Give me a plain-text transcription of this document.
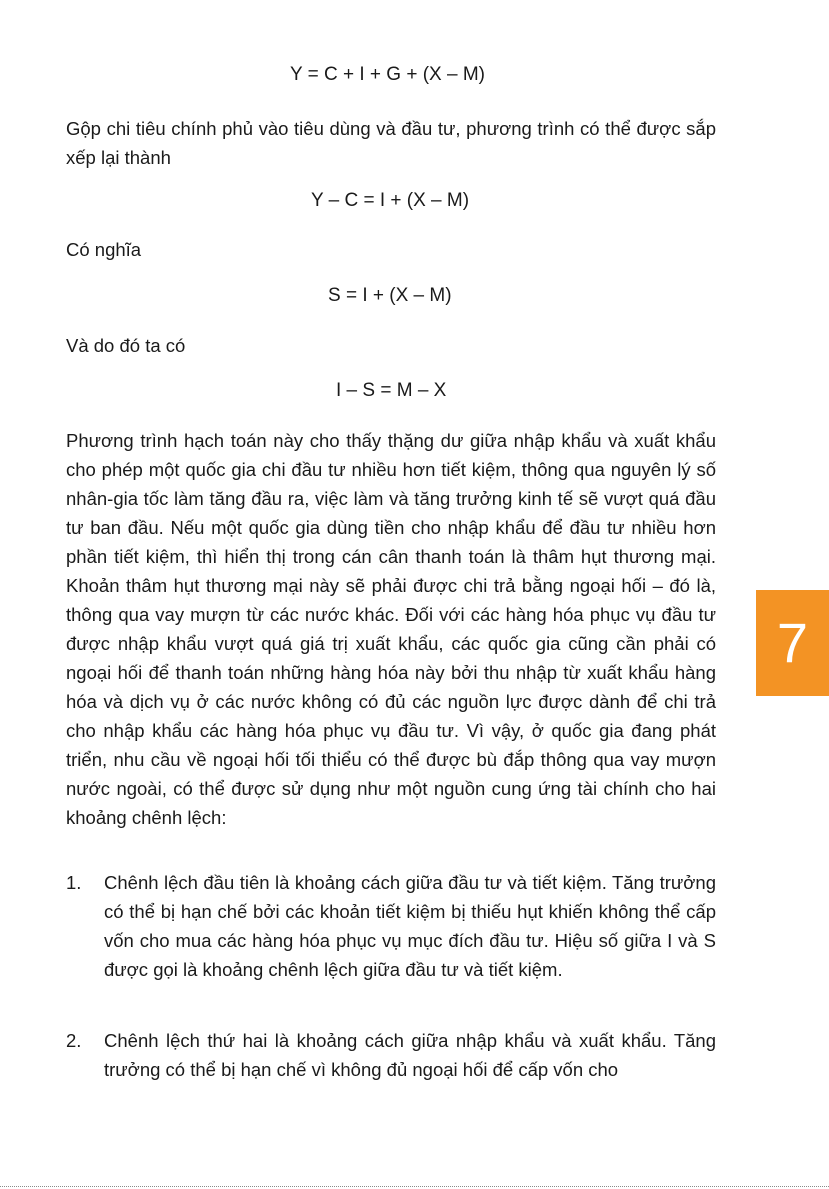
Y = C + I + G + (X – M)

Gộp chi tiêu chính phủ vào tiêu dùng và đầu tư, phương trình có thể được sắp xếp lại thành

Y – C = I + (X – M)

Có nghĩa

S = I + (X – M)

Và do đó ta có

I – S = M – X

Phương trình hạch toán này cho thấy thặng dư giữa nhập khẩu và xuất khẩu cho phép một quốc gia chi đầu tư nhiều hơn tiết kiệm, thông qua nguyên lý số nhân-gia tốc làm tăng đầu ra, việc làm và tăng trưởng kinh tế sẽ vượt quá đầu tư ban đầu. Nếu một quốc gia dùng tiền cho nhập khẩu để đầu tư nhiều hơn phần tiết kiệm, thì hiển thị trong cán cân thanh toán là thâm hụt thương mại. Khoản thâm hụt thương mại này sẽ phải được chi trả bằng ngoại hối – đó là, thông qua vay mượn từ các nước khác. Đối với các hàng hóa phục vụ đầu tư được nhập khẩu vượt quá giá trị xuất khẩu, các quốc gia cũng cần phải có ngoại hối để thanh toán những hàng hóa này bởi thu nhập từ xuất khẩu hàng hóa và dịch vụ ở các nước không có đủ các nguồn lực được dành để chi trả cho nhập khẩu các hàng hóa phục vụ đầu tư. Vì vậy, ở quốc gia đang phát triển, nhu cầu về ngoại hối tối thiểu có thể được bù đắp thông qua vay mượn nước ngoài, có thể được sử dụng như một nguồn cung ứng tài chính cho hai khoảng chênh lệch:

1. Chênh lệch đầu tiên là khoảng cách giữa đầu tư và tiết kiệm. Tăng trưởng có thể bị hạn chế bởi các khoản tiết kiệm bị thiếu hụt khiến không thể cấp vốn cho mua các hàng hóa phục vụ mục đích đầu tư. Hiệu số giữa I và S được gọi là khoảng chênh lệch giữa đầu tư và tiết kiệm.
2. Chênh lệch thứ hai là khoảng cách giữa nhập khẩu và xuất khẩu. Tăng trưởng có thể bị hạn chế vì không đủ ngoại hối để cấp vốn cho
7
